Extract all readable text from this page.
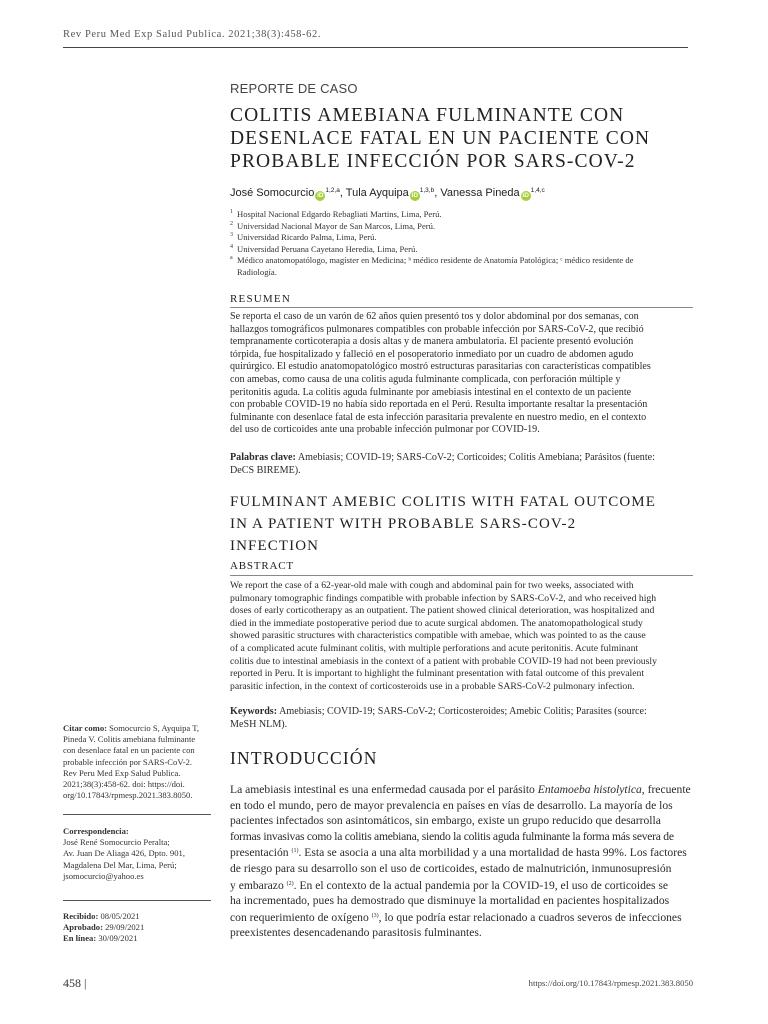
Rev Peru Med Exp Salud Publica. 2021;38(3):458-62.
REPORTE DE CASO
COLITIS AMEBIANA FULMINANTE CON
DESENLACE FATAL EN UN PACIENTE CON
PROBABLE INFECCIÓN POR SARS-COV-2
José Somocurcio iD$^{1,2,a}$, Tula Ayquipa iD$^{1,3,b}$, Vanessa Pineda iD$^{1,4,c}$
1 Hospital Nacional Edgardo Rebagliati Martins, Lima, Perú.
2 Universidad Nacional Mayor de San Marcos, Lima, Perú.
3 Universidad Ricardo Palma, Lima, Perú.
4 Universidad Peruana Cayetano Heredia, Lima, Perú.
a Médico anatomopatólogo, magíster en Medicina; ᵇ médico residente de Anatomía Patológica; ᶜ médico residente de
Radiología.
RESUMEN
Se reporta el caso de un varón de 62 años quien presentó tos y dolor abdominal por dos semanas, con
hallazgos tomográficos pulmonares compatibles con probable infección por SARS-CoV-2, que recibió
tempranamente corticoterapia a dosis altas y de manera ambulatoria. El paciente presentó evolución
tórpida, fue hospitalizado y falleció en el posoperatorio inmediato por un cuadro de abdomen agudo
quirúrgico. El estudio anatomopatológico mostró estructuras parasitarias con características compatibles
con amebas, como causa de una colitis aguda fulminante complicada, con perforación múltiple y
peritonitis aguda. La colitis aguda fulminante por amebiasis intestinal en el contexto de un paciente
con probable COVID-19 no había sido reportada en el Perú. Resulta importante resaltar la presentación
fulminante con desenlace fatal de esta infección parasitaria prevalente en nuestro medio, en el contexto
del uso de corticoides ante una probable infección pulmonar por COVID-19.
Palabras clave: Amebiasis; COVID-19; SARS-CoV-2; Corticoides; Colitis Amebiana; Parásitos (fuente:
DeCS BIREME).
FULMINANT AMEBIC COLITIS WITH FATAL OUTCOME
IN A PATIENT WITH PROBABLE SARS-COV-2
INFECTION
ABSTRACT
We report the case of a 62-year-old male with cough and abdominal pain for two weeks, associated with
pulmonary tomographic findings compatible with probable infection by SARS-CoV-2, and who received high
doses of early corticotherapy as an outpatient. The patient showed clinical deterioration, was hospitalized and
died in the immediate postoperative period due to acute surgical abdomen. The anatomopathological study
showed parasitic structures with characteristics compatible with amebae, which was pointed to as the cause
of a complicated acute fulminant colitis, with multiple perforations and acute peritonitis. Acute fulminant
colitis due to intestinal amebiasis in the context of a patient with probable COVID-19 had not been previously
reported in Peru. It is important to highlight the fulminant presentation with fatal outcome of this prevalent
parasitic infection, in the context of corticosteroids use in a probable SARS-CoV-2 pulmonary infection.
Keywords: Amebiasis; COVID-19; SARS-CoV-2; Corticosteroides; Amebic Colitis; Parasites (source:
MeSH NLM).
INTRODUCCIÓN
La amebiasis intestinal es una enfermedad causada por el parásito Entamoeba histolytica, frecuente
en todo el mundo, pero de mayor prevalencia en países en vías de desarrollo. La mayoría de los
pacientes infectados son asintomáticos, sin embargo, existe un grupo reducido que desarrolla
formas invasivas como la colitis amebiana, siendo la colitis aguda fulminante la forma más severa de
presentación $^{(1)}$. Esta se asocia a una alta morbilidad y a una mortalidad de hasta 99%. Los factores
de riesgo para su desarrollo son el uso de corticoides, estado de malnutrición, inmunosupresión
y embarazo $^{(2)}$. En el contexto de la actual pandemia por la COVID-19, el uso de corticoides se
ha incrementado, pues ha demostrado que disminuye la mortalidad en pacientes hospitalizados
con requerimiento de oxígeno $^{(3)}$, lo que podría estar relacionado a cuadros severos de infecciones
preexistentes desencadenando parasitosis fulminantes.
Citar como: Somocurcio S, Ayquipa T,
Pineda V. Colitis amebiana fulminante
con desenlace fatal en un paciente con
probable infección por SARS-CoV-2.
Rev Peru Med Exp Salud Publica.
2021;38(3):458-62. doi: https://doi.
org/10.17843/rpmesp.2021.383.8050.
Correspondencia:
José René Somocurcio Peralta;
Av. Juan De Aliaga 426, Dpto. 901,
Magdalena Del Mar, Lima, Perú;
jsomocurcio@yahoo.es
Recibido: 08/05/2021
Aprobado: 29/09/2021
En línea: 30/09/2021
458 |	https://doi.org/10.17843/rpmesp.2021.383.8050
